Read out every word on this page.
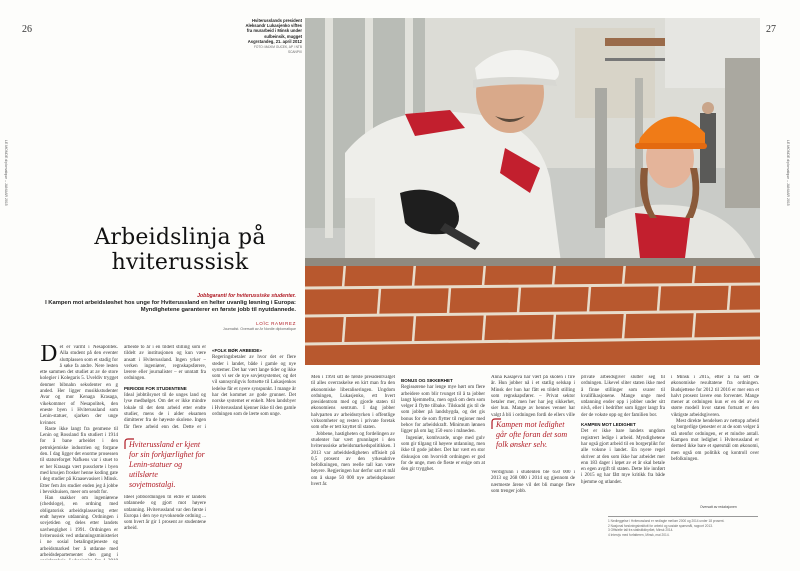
26	27
LE MONDE diplomatique – JANUAR 2015	LE MONDE diplomatique – JANUAR 2015
Hviterusslands president Aleksandr Lukasjenko viftes fra murarbeid i Minsk under sulbeinsik, mugget Asgrstandeg, 21. april 2012
FOTO: MAXIM GUCEK, AP / NTB SCANPIX
Arbeidslinja på
hviterussisk
Jobbgaranti for hviterussiske studenter.
I Kampen mot arbeidsløshet hos unge for Hviterussland en helter uvanlig løsning i Europa: Myndighetene garanterer en første jobb til nyutdannede.
LOÏC RAMIREZ
Journalist. Oversatt av Ar Nordle diplomatique
D et er varmt i Nesapolitek. Alla student på den eventer sluttplassen som et stadig for å søke fa andre. Nere lesten ette sammen det studiet at av de store kolegier i Kolegaris 5. Uveldiv trygget denmer bibnahn seksdenter en g anded. Her ligger musikkstudenter Avar og mor Kenaga Krasaga, vikekommer of Nesapolitek, den eneste byen i Hviterussland som Lenin-statuer, sjarken der unge kvinner.

Raste ikke langt fra genmene til Lenin og Rossland fin studiert i 1914 for å bane arbeidet i den petrokjemiske industrien og forgane den. I dag ligger det enorme prosessen til statsreforget Nafkens var i stuet to er her Krasaga vært pussclørte i byen med krusjen frosker henne koding gate i deg studier på Kraasevasiset i Minsk. Etter fem års studier enden jeg å jobbe i bevokhuisen, meer om sendt for.

Han snakker om ingeniørene (chedsloge), en ordning med obligatorisk arbeidsplassering etter endt høyere utdanning. Ordningen i sovjetiden og deles etter landets uavhengighet i 1991. Ordningen er hviterussisk ved utdanningsministeriet i ne sosial betalingstjeneste og arbeidsmarked ber å utdanne med arbeidsdepartementet den gang i

arbeide to år i en tildelt stilling som er tildelt av institusjonen og kun være ansatt i Hviterussland. Ingen yrker – verken ingeniører, regnskapsførere, lærere eller journalister – er unntatt fra ordningen.

PERIODE FOR STUDENTENE

Ideal jobbtilsynet til de unges land og lyse medbølget. Om det er ikke mindre lokale til det dem arbeid etter endte studier, mens de i alder eksamen dimitterer fra de høyeste skolene. Ingen får flere arbeid enn det. Dette er i

Hviterussland er kjent for sin forkjærlighet for Lenin-statuer og utilslørte sovjetnostalgi.

Ideel jobbordningen til eldre er landets utdannede og gjort mot høyere utdanning. Hviterussland var den første i Europa i den nye nyvoksende ordning ... som hvert år gir 1 prosent av studentene arbeid.

«FOLK BØR ARBEIDE»

Regeringsbetaler av hvor det er flere steder i landet, både i gamle og nye systemer. Det har vært lange tider og ikke som vi ser de nye sovjetsystemer, og det vil sannsynligvis fortsette til Lukasjenkos ledelse får et nyere synspunkt. I mange år har det kommet av gode grunner. Det norske systemet er enkelt. Men landsbyer i Hviterussland kjenner ikke til den gamle ordningen som de lærte som unge.

Men i 1994 sitt de første presidentvalget til alles overraskelse en kirt man fra den økonomiske liberaliseringen. Ungdom ordningen, Lukasjenko, ett hvert presidentrom med og gjorde staten til økonomiens sentrum. I dag jobber halvparten av arbeidsstyrken i offentlige virksomheter og resten i private foretak som ofte er tett knyttet til staten.

Jobbene, hastigheten og fordelingen av studenter har vært grunnlaget i den hviterussiske arbeidsmarkedspolitikken. I 2013 var arbeidsledigheten offisielt på 0,5 prosent av den yrkesaktive befolkningen, men reelle tall kan være høyere. Regjeringen har derfor satt et mål om å skape 50 000 nye arbeidsplasser hvert år.

BONUS OG SIKKERHET

Regissørene har lenge mye hørt om flere arbeidere som blir tvunget til å ta jobber langt hjemmefra, men også om dem som velger å flytte tilbake. Tilskudd gis til de som jobber på landsbygda, og det gis bonus for de som flytter til regioner med behov for arbeidskraft. Minimum lønnen ligger på om lag 150 euro i måneden.

Ingeniør, komhvarde, unge med gulv som gir tilgang til høyere utdanning, men ikke til gode jobber. Det har vært en stor diskusjon om hvorvidt ordningen er god for de unge, men de fleste er enige om at den gir trygghet.

Anna Kasajeva har vært på skolen i fire år. Hun jobber nå i et statlig selskap i Minsk der hun har fått en tildelt stilling som regnskapsfører. – Privat sektor betaler mer, men her har jeg sikkerhet, sier hun. Mange av hennes venner har valgt å bli i ordningen fordi de ellers ville

Kampen mot ledighet går ofte foran det som folk ønsker selv.

Verdigrunn i studenten ble 650 000 i 2013 og 268 000 i 2014 og gjennom de nærmeste årene vil det bli mange flere som trenger jobb.

private arbeidsgiver slutter seg til ordningen. Likevel sliter staten ikke med å finne stillinger som svarer til kvalifikasjonene. Mange unge med utdanning ender opp i jobber under sitt nivå, eller i bedrifter som ligger langt fra der de vokste opp og der familien bor.

KAMPEN MOT LEDIGHET

Det er ikke bare landets ungdom registrert ledige i arbeid. Myndighetene har også gjort arbeid til en borgerplikt for alle voksne i landet. En nyere regel skriver at den som ikke har arbeidet mer enn 183 dager i løpet av et år skal betale en egen avgift til staten. Dette ble innført i 2015 og har fått mye kritikk fra både hjemme og utlandet.

i Minsk i 2015, etter å ha sett de økonomiske resultatene fra ordningen. Budsjettene for 2012 til 2016 er mer enn et halvt prosent lavere enn forventet. Mange mener at ordningen kun er en del av en større modell hvor staten fortsatt er den viktigste arbeidsgiveren.

Mest direkte hendelsen av nettopp arbeid og borgerlige tjenester er at de som velger å stå utenfor ordningen, er et mindre antall. Kampen mot ledighet i Hviterussland er dermed ikke bare et spørsmål om økonomi, men også om politikk og kontroll over befolkningen.

Oversatt av redaksjonen
1 Nedleggelse i Hviterussland er nedlagte mellom 2000 og 2014 under 18 prosent.
2 Nasjonal forskningsinstitutt for arbeid og sosiale spørsmål, rapport 2013.
3 Offisielle tall fra statistikkbyrået, Minsk 2014.
4 Intervju med forfatteren, Minsk, mai 2014.
